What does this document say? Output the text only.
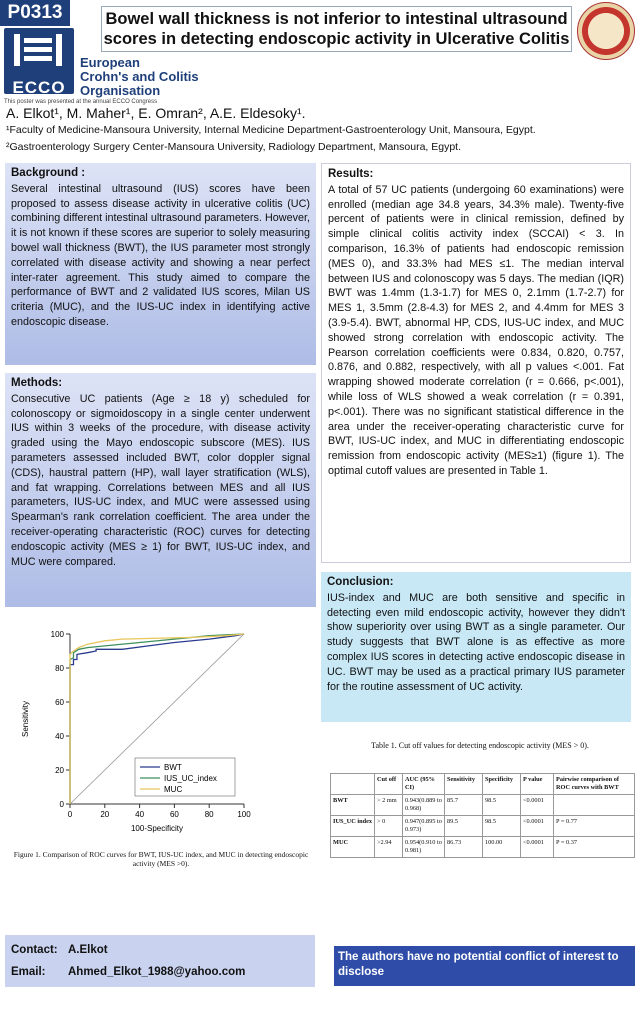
P0313
ECCO
European
Crohn's and Colitis
Organisation
This poster was presented at the annual ECCO Congress
Bowel wall thickness is not inferior to intestinal ultrasound
scores in detecting endoscopic activity in Ulcerative Colitis
A. Elkot¹, M. Maher¹, E. Omran², A.E. Eldesoky¹.
¹Faculty of Medicine-Mansoura University, Internal Medicine Department-Gastroenterology Unit, Mansoura, Egypt.
²Gastroenterology Surgery Center-Mansoura University, Radiology Department, Mansoura, Egypt.
Background :

Several intestinal ultrasound (IUS) scores have been proposed to assess disease activity in ulcerative colitis (UC) combining different intestinal ultrasound parameters. However, it is not known if these scores are superior to solely measuring bowel wall thickness (BWT), the IUS parameter most strongly correlated with disease activity and showing a near perfect inter-rater agreement. This study aimed to compare the performance of BWT and 2 validated IUS scores, Milan US criteria (MUC), and the IUS-UC index in identifying active endoscopic disease.

Methods:

Consecutive UC patients (Age ≥ 18 y) scheduled for colonoscopy or sigmoidoscopy in a single center underwent IUS within 3 weeks of the procedure, with disease activity graded using the Mayo endoscopic subscore (MES). IUS parameters assessed included BWT, color doppler signal (CDS), haustral pattern (HP), wall layer stratification (WLS), and fat wrapping. Correlations between MES and all IUS parameters, IUS-UC index, and MUC were assessed using Spearman's rank correlation coefficient. The area under the receiver-operating characteristic (ROC) curves for detecting endoscopic activity (MES ≥ 1) for BWT, IUS-UC index, and MUC were compared.

Results:

A total of 57 UC patients (undergoing 60 examinations) were enrolled (median age 34.8 years, 34.3% male). Twenty-five percent of patients were in clinical remission, defined by simple clinical colitis activity index (SCCAI) < 3. In comparison, 16.3% of patients had endoscopic remission (MES 0), and 33.3% had MES ≤1. The median interval between IUS and colonoscopy was 5 days. The median (IQR) BWT was 1.4mm (1.3-1.7) for MES 0, 2.1mm (1.7-2.7) for MES 1, 3.5mm (2.8-4.3) for MES 2, and 4.4mm for MES 3 (3.9-5.4). BWT, abnormal HP, CDS, IUS-UC index, and MUC showed strong correlation with endoscopic activity. The Pearson correlation coefficients were 0.834, 0.820, 0.757, 0.876, and 0.882, respectively, with all p values <.001. Fat wrapping showed moderate correlation (r = 0.666, p<.001), while loss of WLS showed a weak correlation (r = 0.391, p<.001). There was no significant statistical difference in the area under the receiver-operating characteristic curve for BWT, IUS-UC index, and MUC in differentiating endoscopic remission from endoscopic activity (MES≥1) (figure 1). The optimal cutoff values are presented in Table 1.

Conclusion:

IUS-index and MUC are both sensitive and specific in detecting even mild endoscopic activity, however they didn't show superiority over using BWT as a single parameter. Our study suggests that BWT alone is as effective as more complex IUS scores in detecting active endoscopic disease in UC. BWT may be used as a practical primary IUS parameter for the routine assessment of UC activity.

0
20
40
60
80
100
0	20	40	60	80	100
100-Specificity
Sensitivity
BWT
IUS_UC_index
MUC
Figure 1. Comparison of ROC curves for BWT, IUS-UC index, and MUC in detecting endoscopic activity (MES >0).
Table 1. Cut off values for detecting endoscopic activity (MES > 0).
	Cut off	AUC (95% CI)	Sensitivity	Specificity	P value	Pairwise comparison of ROC curves with BWT
BWT	> 2 mm	0.943(0.889 to 0.968)	85.7	98.5	<0.0001	
IUS_UC index	> 0	0.947(0.895 to 0.973)	89.5	98.5	<0.0001	P = 0.77
MUC	>2.94	0.954(0.910 to 0.981)	86.73	100.00	<0.0001	P = 0.37
Contact: A.Elkot
Email: Ahmed_Elkot_1988@yahoo.com
The authors have no potential conflict of interest to disclose
